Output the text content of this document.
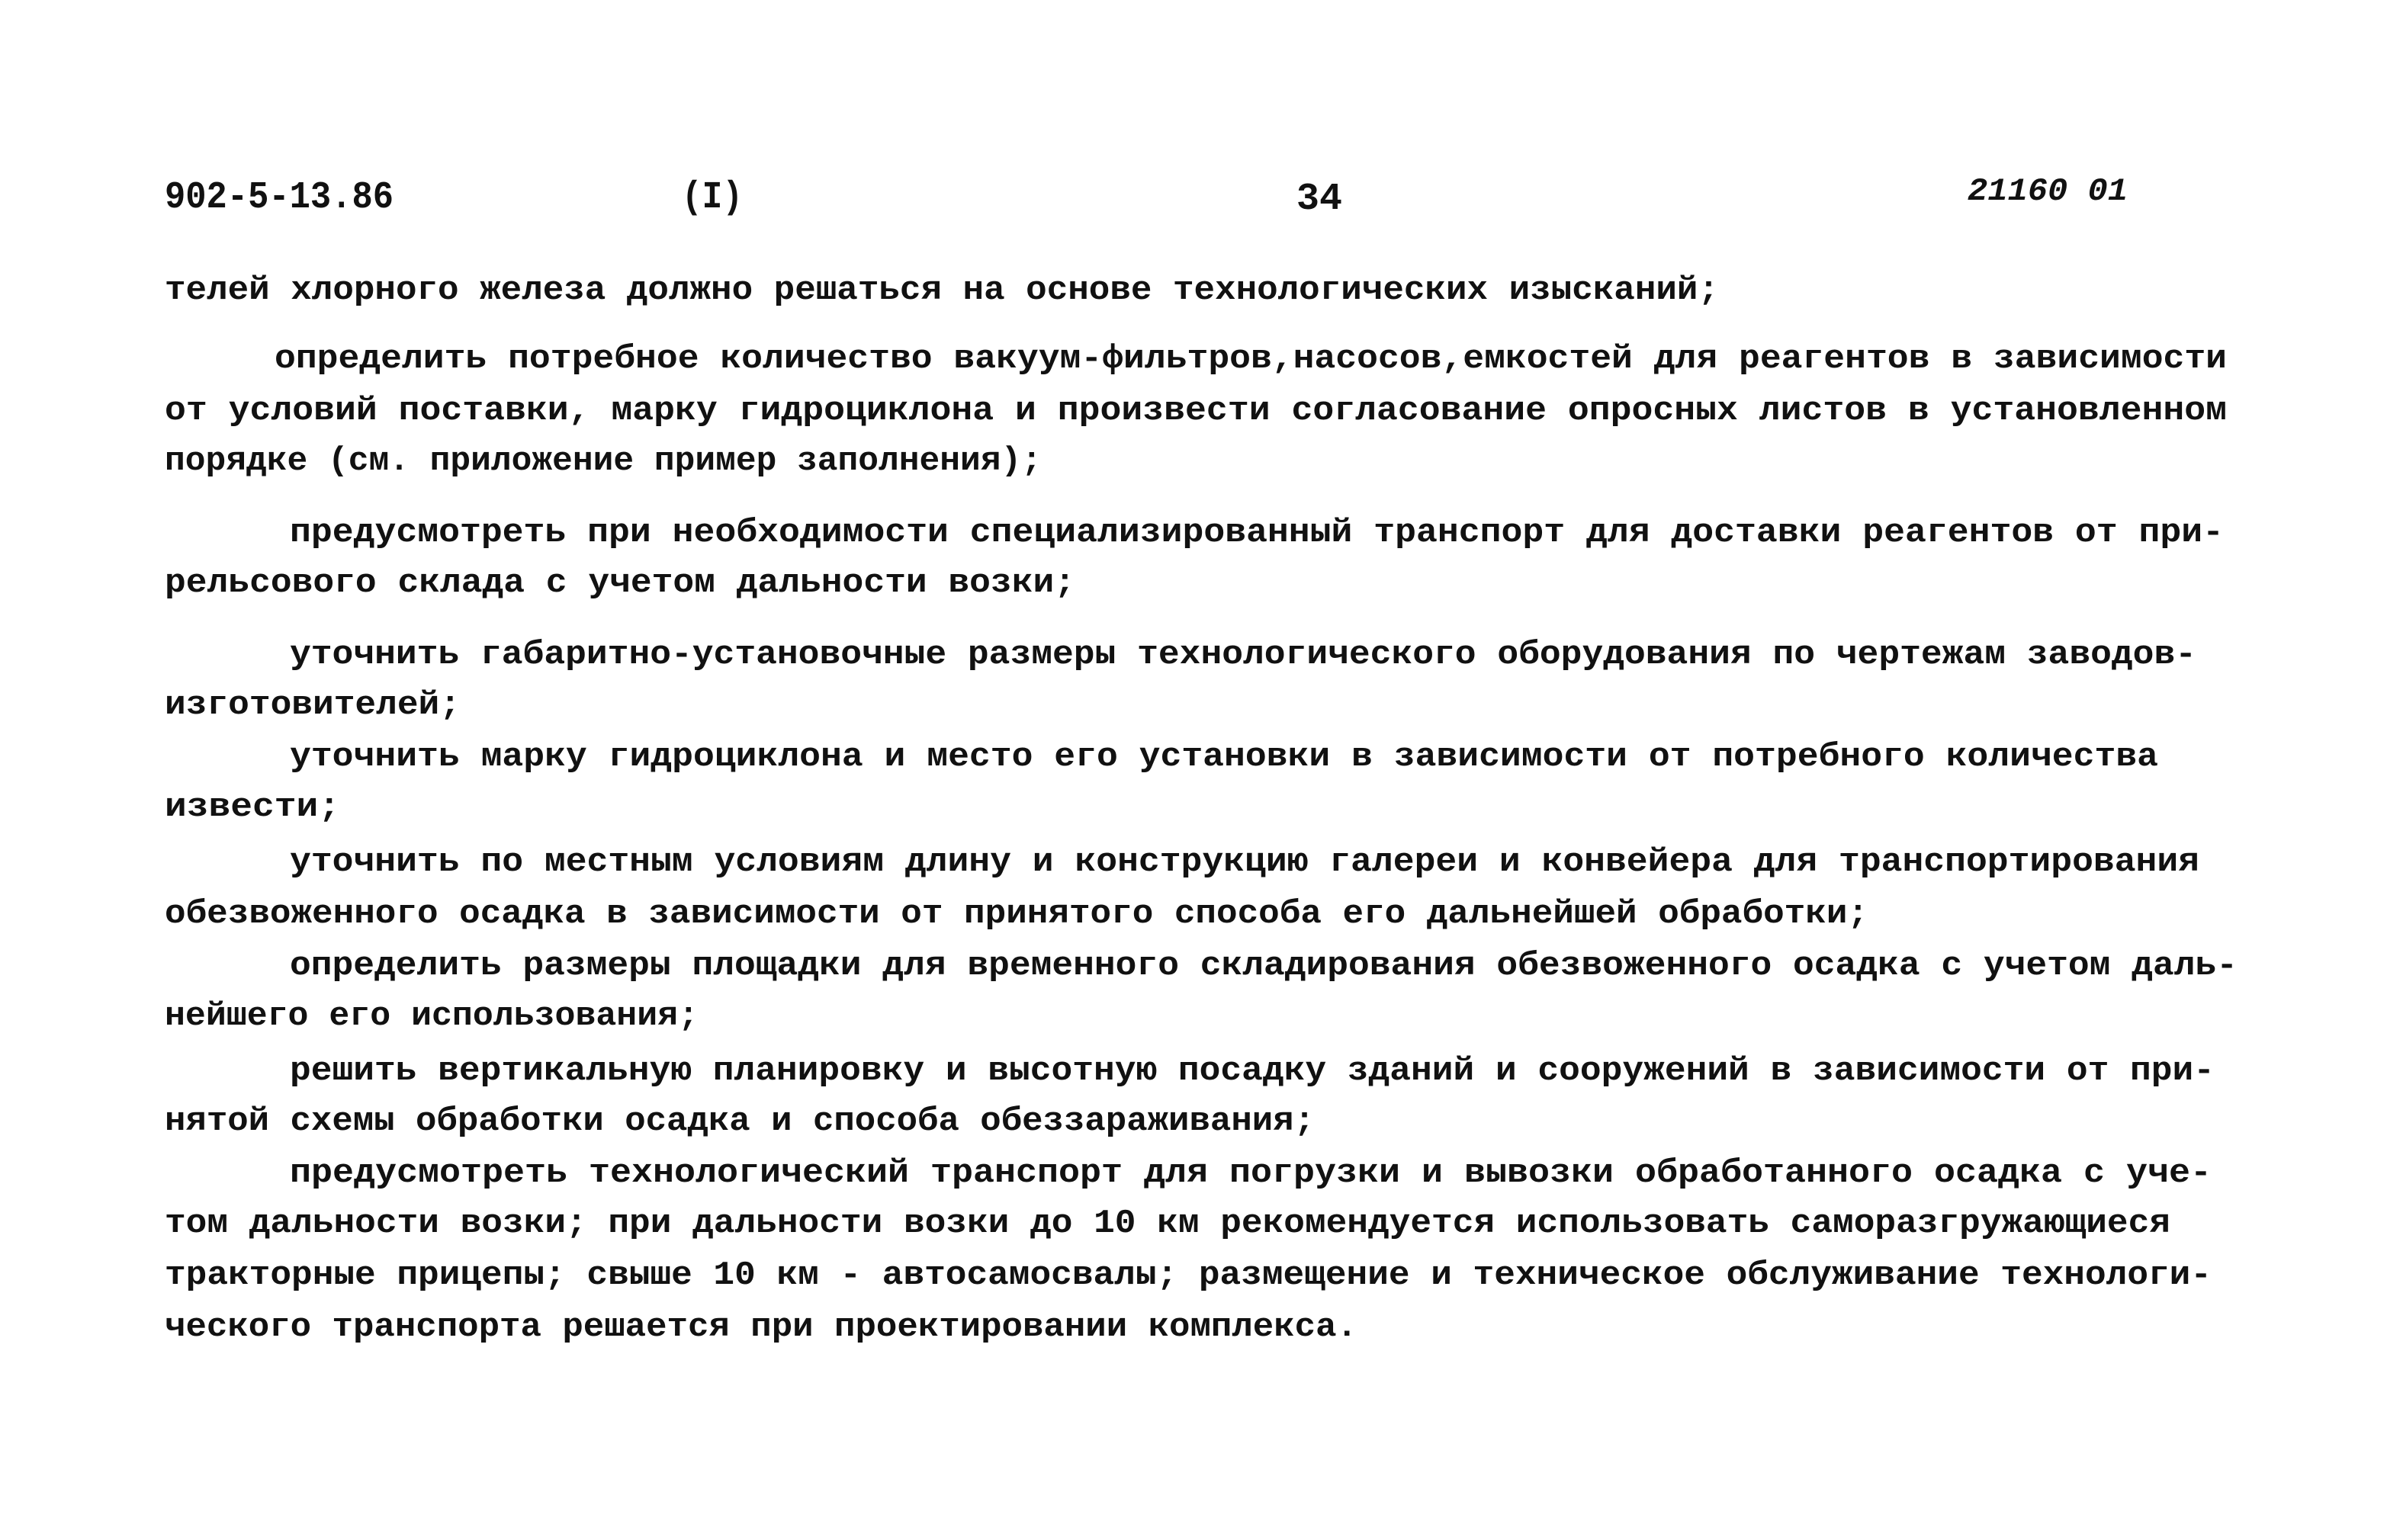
902-5-13.86	(I)	34	21160 01
телей хлорного железа должно решаться на основе технологических изысканий;
определить потребное количество вакуум-фильтров,насосов,емкостей для реагентов в зависимости
от условий поставки, марку гидроциклона и произвести согласование опросных листов в установленном
порядке (см. приложение пример заполнения);
предусмотреть при необходимости специализированный транспорт для доставки реагентов от при-
рельсового склада с учетом дальности возки;
уточнить габаритно-установочные размеры технологического оборудования по чертежам заводов-
изготовителей;
уточнить марку гидроциклона и место его установки в зависимости от потребного количества
извести;
уточнить по местным условиям длину и конструкцию галереи и конвейера для транспортирования
обезвоженного осадка в зависимости от принятого способа его дальнейшей обработки;
определить размеры площадки для временного складирования обезвоженного осадка с учетом даль-
нейшего его использования;
решить вертикальную планировку и высотную посадку зданий и сооружений в зависимости от при-
нятой схемы обработки осадка и способа обеззараживания;
предусмотреть технологический транспорт для погрузки и вывозки обработанного осадка с уче-
том дальности возки; при дальности возки до 10 км рекомендуется использовать саморазгружающиеся
тракторные прицепы; свыше 10 км - автосамосвалы; размещение и техническое обслуживание технологи-
ческого транспорта решается при проектировании комплекса.
